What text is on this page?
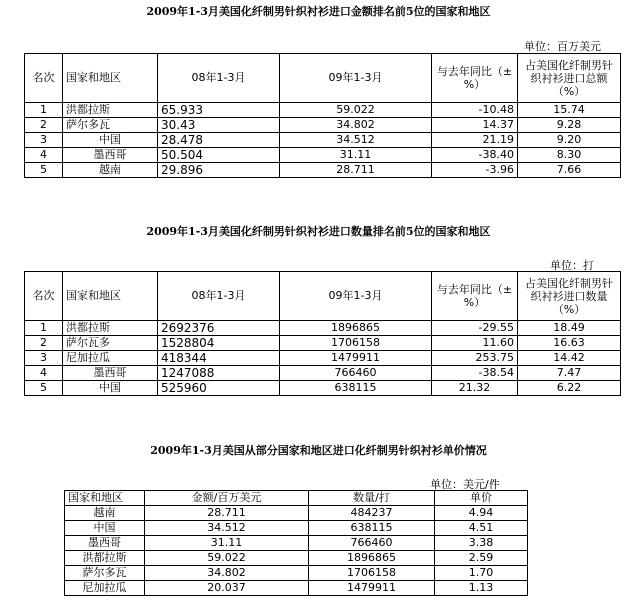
2009年1-3月美国化纤制男针织衬衫进口金额排名前5位的国家和地区
单位：百万美元
名次	国家和地区	08年1-3月	09年1-3月	与去年同比（±%）	占美国化纤制男针织衬衫进口总额（%）
1	洪都拉斯	65.933	59.022	-10.48	15.74
2	萨尔多瓦	30.43	34.802	14.37	9.28
3	中国	28.478	34.512	21.19	9.20
4	墨西哥	50.504	31.11	-38.40	8.30
5	越南	29.896	28.711	-3.96	7.66
2009年1-3月美国化纤制男针织衬衫进口数量排名前5位的国家和地区
单位：打
名次	国家和地区	08年1-3月	09年1-3月	与去年同比（±%）	占美国化纤制男针织衬衫进口数量（%）
1	洪都拉斯	2692376	1896865	-29.55	18.49
2	萨尔瓦多	1528804	1706158	11.60	16.63
3	尼加拉瓜	418344	1479911	253.75	14.42
4	墨西哥	1247088	766460	-38.54	7.47
5	中国	525960	638115	21.32	6.22
2009年1-3月美国从部分国家和地区进口化纤制男针织衬衫单价情况
单位：美元/件
国家和地区	金额/百万美元	数量/打	单价
越南	28.711	484237	4.94
中国	34.512	638115	4.51
墨西哥	31.11	766460	3.38
洪都拉斯	59.022	1896865	2.59
萨尔多瓦	34.802	1706158	1.70
尼加拉瓜	20.037	1479911	1.13
